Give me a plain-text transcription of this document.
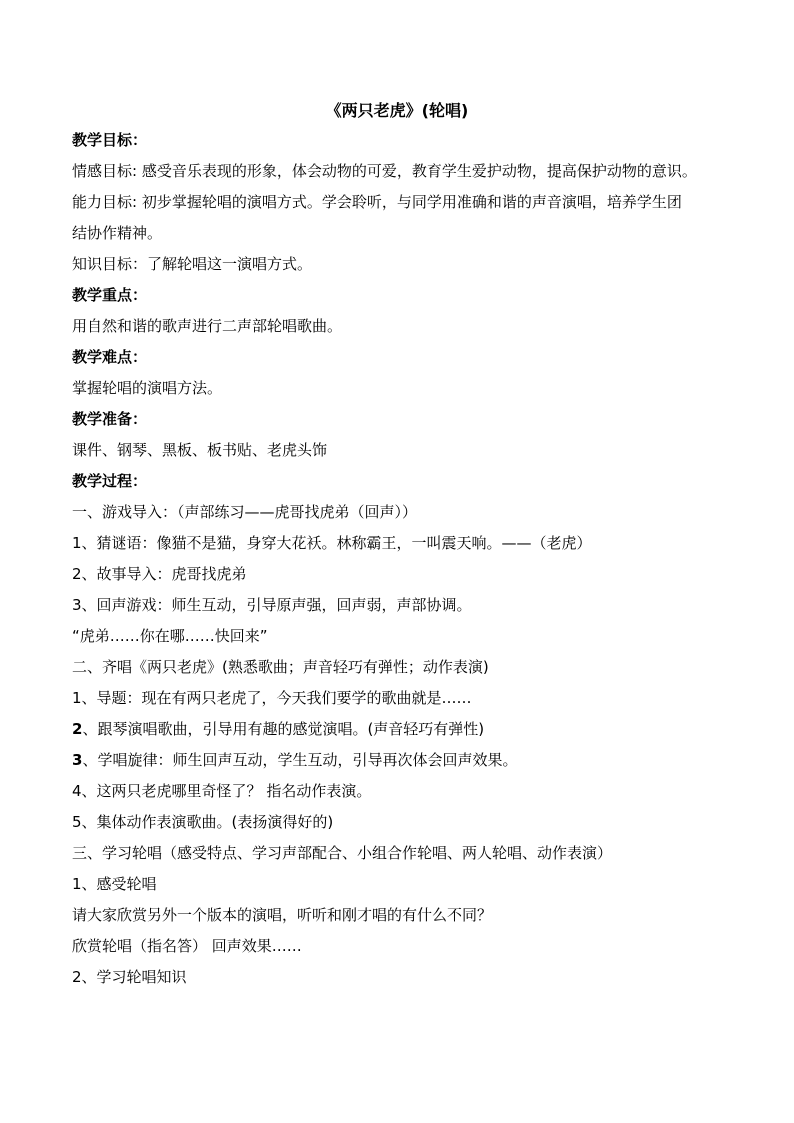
《两只老虎》(轮唱)
教学目标：
情感目标: 感受音乐表现的形象，体会动物的可爱，教育学生爱护动物，提高保护动物的意识。
能力目标: 初步掌握轮唱的演唱方式。学会聆听，与同学用准确和谐的声音演唱，培养学生团
结协作精神。
知识目标：了解轮唱这一演唱方式。
教学重点：
用自然和谐的歌声进行二声部轮唱歌曲。
教学难点：
掌握轮唱的演唱方法。
教学准备：
课件、钢琴、黑板、板书贴、老虎头饰
教学过程：
一、游戏导入：（声部练习——虎哥找虎弟（回声））
1、猜谜语：像猫不是猫，身穿大花袄。林称霸王，一叫震天响。——（老虎）
2、故事导入：虎哥找虎弟
3、回声游戏：师生互动，引导原声强，回声弱，声部协调。
“虎弟……你在哪……快回来”
二、齐唱《两只老虎》(熟悉歌曲；声音轻巧有弹性；动作表演)
1、导题：现在有两只老虎了，今天我们要学的歌曲就是……
2、跟琴演唱歌曲，引导用有趣的感觉演唱。(声音轻巧有弹性)
3、学唱旋律：师生回声互动，学生互动，引导再次体会回声效果。
4、这两只老虎哪里奇怪了？ 指名动作表演。
5、集体动作表演歌曲。(表扬演得好的)
三、学习轮唱（感受特点、学习声部配合、小组合作轮唱、两人轮唱、动作表演）
1、感受轮唱
请大家欣赏另外一个版本的演唱，听听和刚才唱的有什么不同？
欣赏轮唱（指名答） 回声效果……
2、学习轮唱知识
